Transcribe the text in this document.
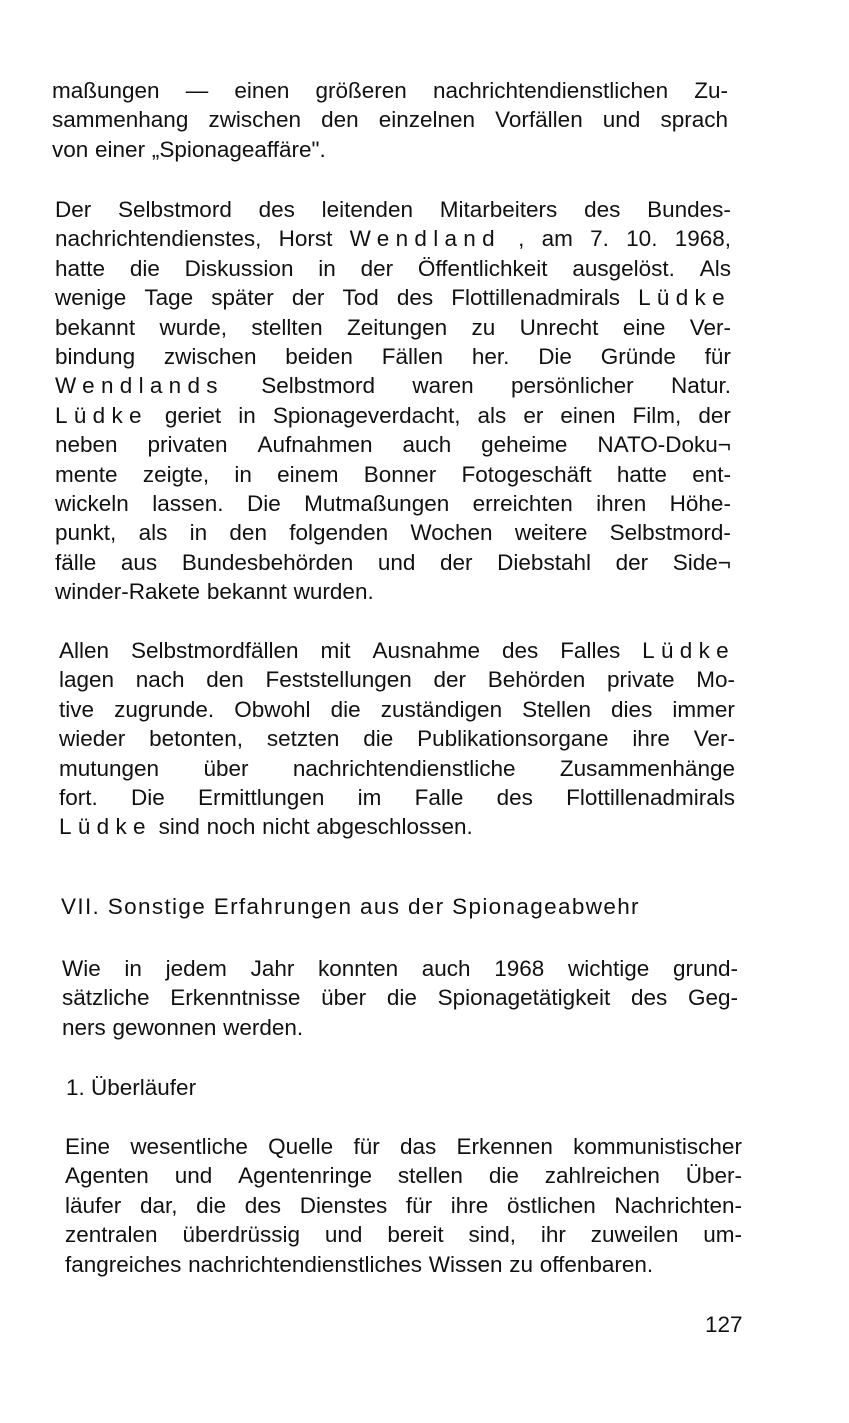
maßungen — einen größeren nachrichtendienstlichen Zu-
sammenhang zwischen den einzelnen Vorfällen und sprach
von einer „Spionageaffäre".
Der Selbstmord des leitenden Mitarbeiters des Bundes-
nachrichtendienstes, Horst Wendland , am 7. 10. 1968,
hatte die Diskussion in der Öffentlichkeit ausgelöst. Als
wenige Tage später der Tod des Flottillenadmirals Lüdke
bekannt wurde, stellten Zeitungen zu Unrecht eine Ver-
bindung zwischen beiden Fällen her. Die Gründe für
Wendlands Selbstmord waren persönlicher Natur.
Lüdke geriet in Spionageverdacht, als er einen Film, der
neben privaten Aufnahmen auch geheime NATO-Doku¬
mente zeigte, in einem Bonner Fotogeschäft hatte ent-
wickeln lassen. Die Mutmaßungen erreichten ihren Höhe-
punkt, als in den folgenden Wochen weitere Selbstmord-
fälle aus Bundesbehörden und der Diebstahl der Side¬
winder-Rakete bekannt wurden.
Allen Selbstmordfällen mit Ausnahme des Falles Lüdke
lagen nach den Feststellungen der Behörden private Mo-
tive zugrunde. Obwohl die zuständigen Stellen dies immer
wieder betonten, setzten die Publikationsorgane ihre Ver-
mutungen über nachrichtendienstliche Zusammenhänge
fort. Die Ermittlungen im Falle des Flottillenadmirals
Lüdke sind noch nicht abgeschlossen.
VII. Sonstige Erfahrungen aus der Spionageabwehr
Wie in jedem Jahr konnten auch 1968 wichtige grund-
sätzliche Erkenntnisse über die Spionagetätigkeit des Geg-
ners gewonnen werden.
1. Überläufer
Eine wesentliche Quelle für das Erkennen kommunistischer
Agenten und Agentenringe stellen die zahlreichen Über-
läufer dar, die des Dienstes für ihre östlichen Nachrichten-
zentralen überdrüssig und bereit sind, ihr zuweilen um-
fangreiches nachrichtendienstliches Wissen zu offenbaren.
127
